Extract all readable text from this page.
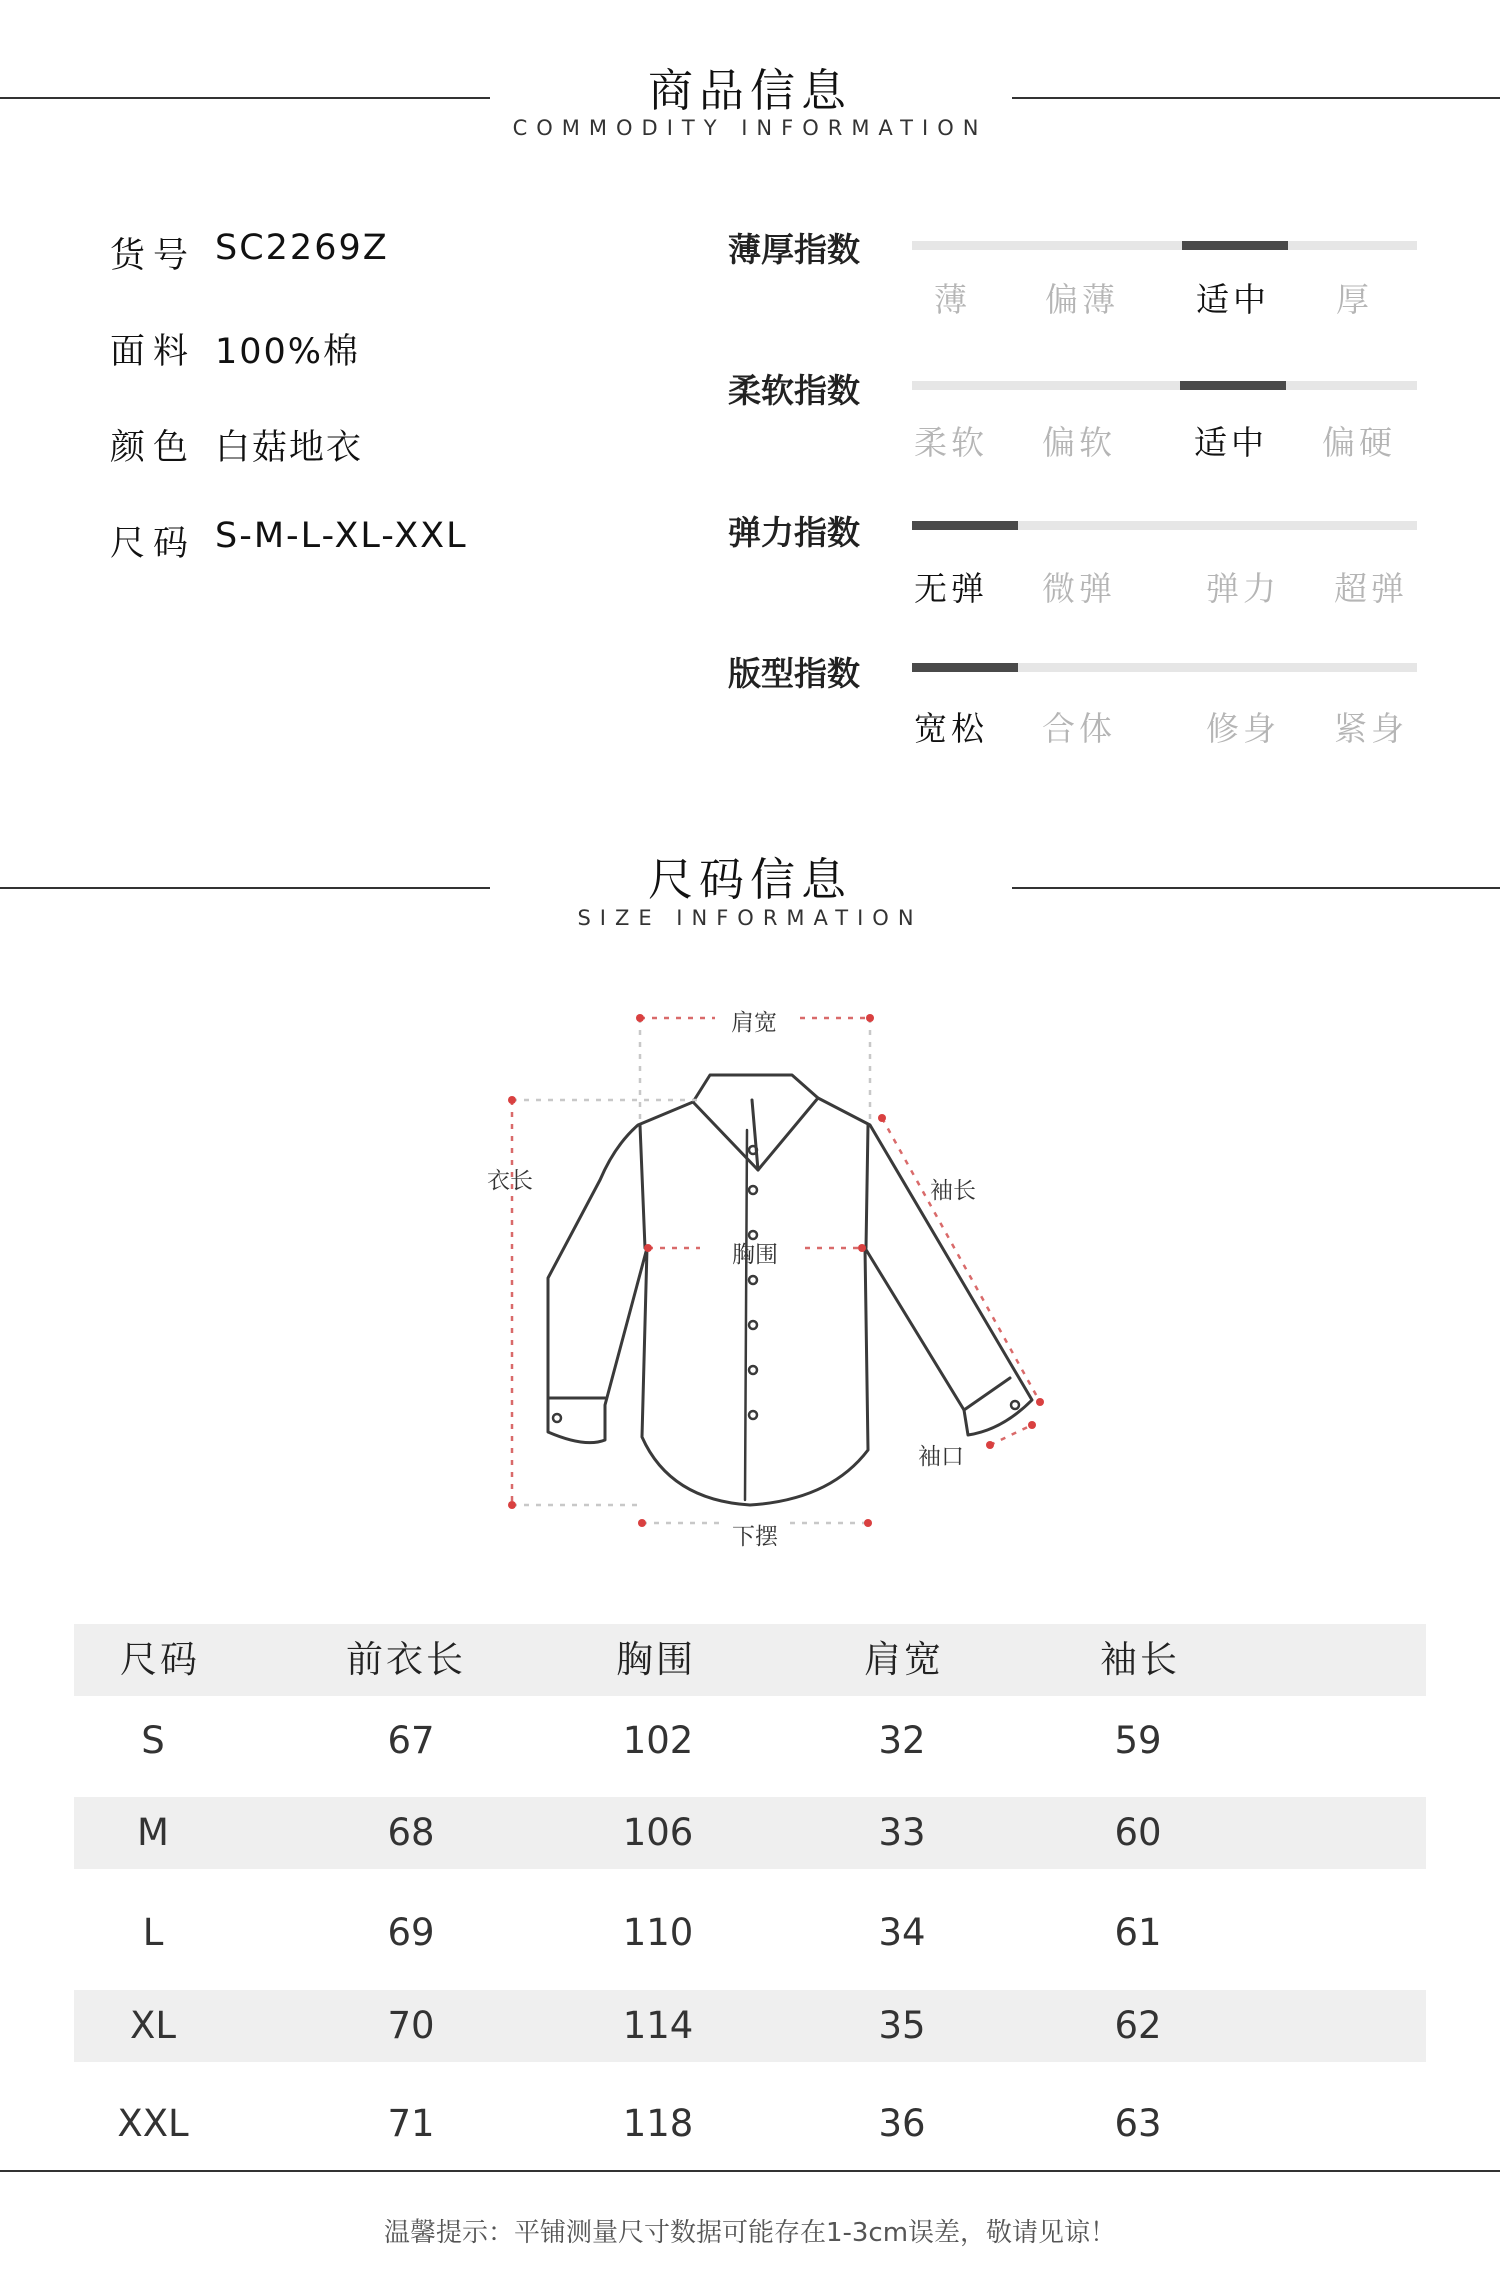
商品信息
COMMODITY INFORMATION
货号 SC2269Z
面料 100%棉
颜色 白菇地衣
尺码 S-M-L-XL-XXL
薄厚指数
薄 偏薄 适中 厚
柔软指数
柔软 偏软 适中 偏硬
弹力指数
无弹 微弹	弹力 超弹
版型指数
宽松 合体	修身 紧身
尺码信息
SIZE INFORMATION
肩宽
衣长	袖长
胸围
袖口
下摆
尺码	前衣长	胸围	肩宽	袖长
S	67	102	32	59
M	68	106	33	60
L	69	110	34	61
XL	70	114	35	62
XXL	71	118	36	63
温馨提示：平铺测量尺寸数据可能存在1-3cm误差，敬请见谅！
